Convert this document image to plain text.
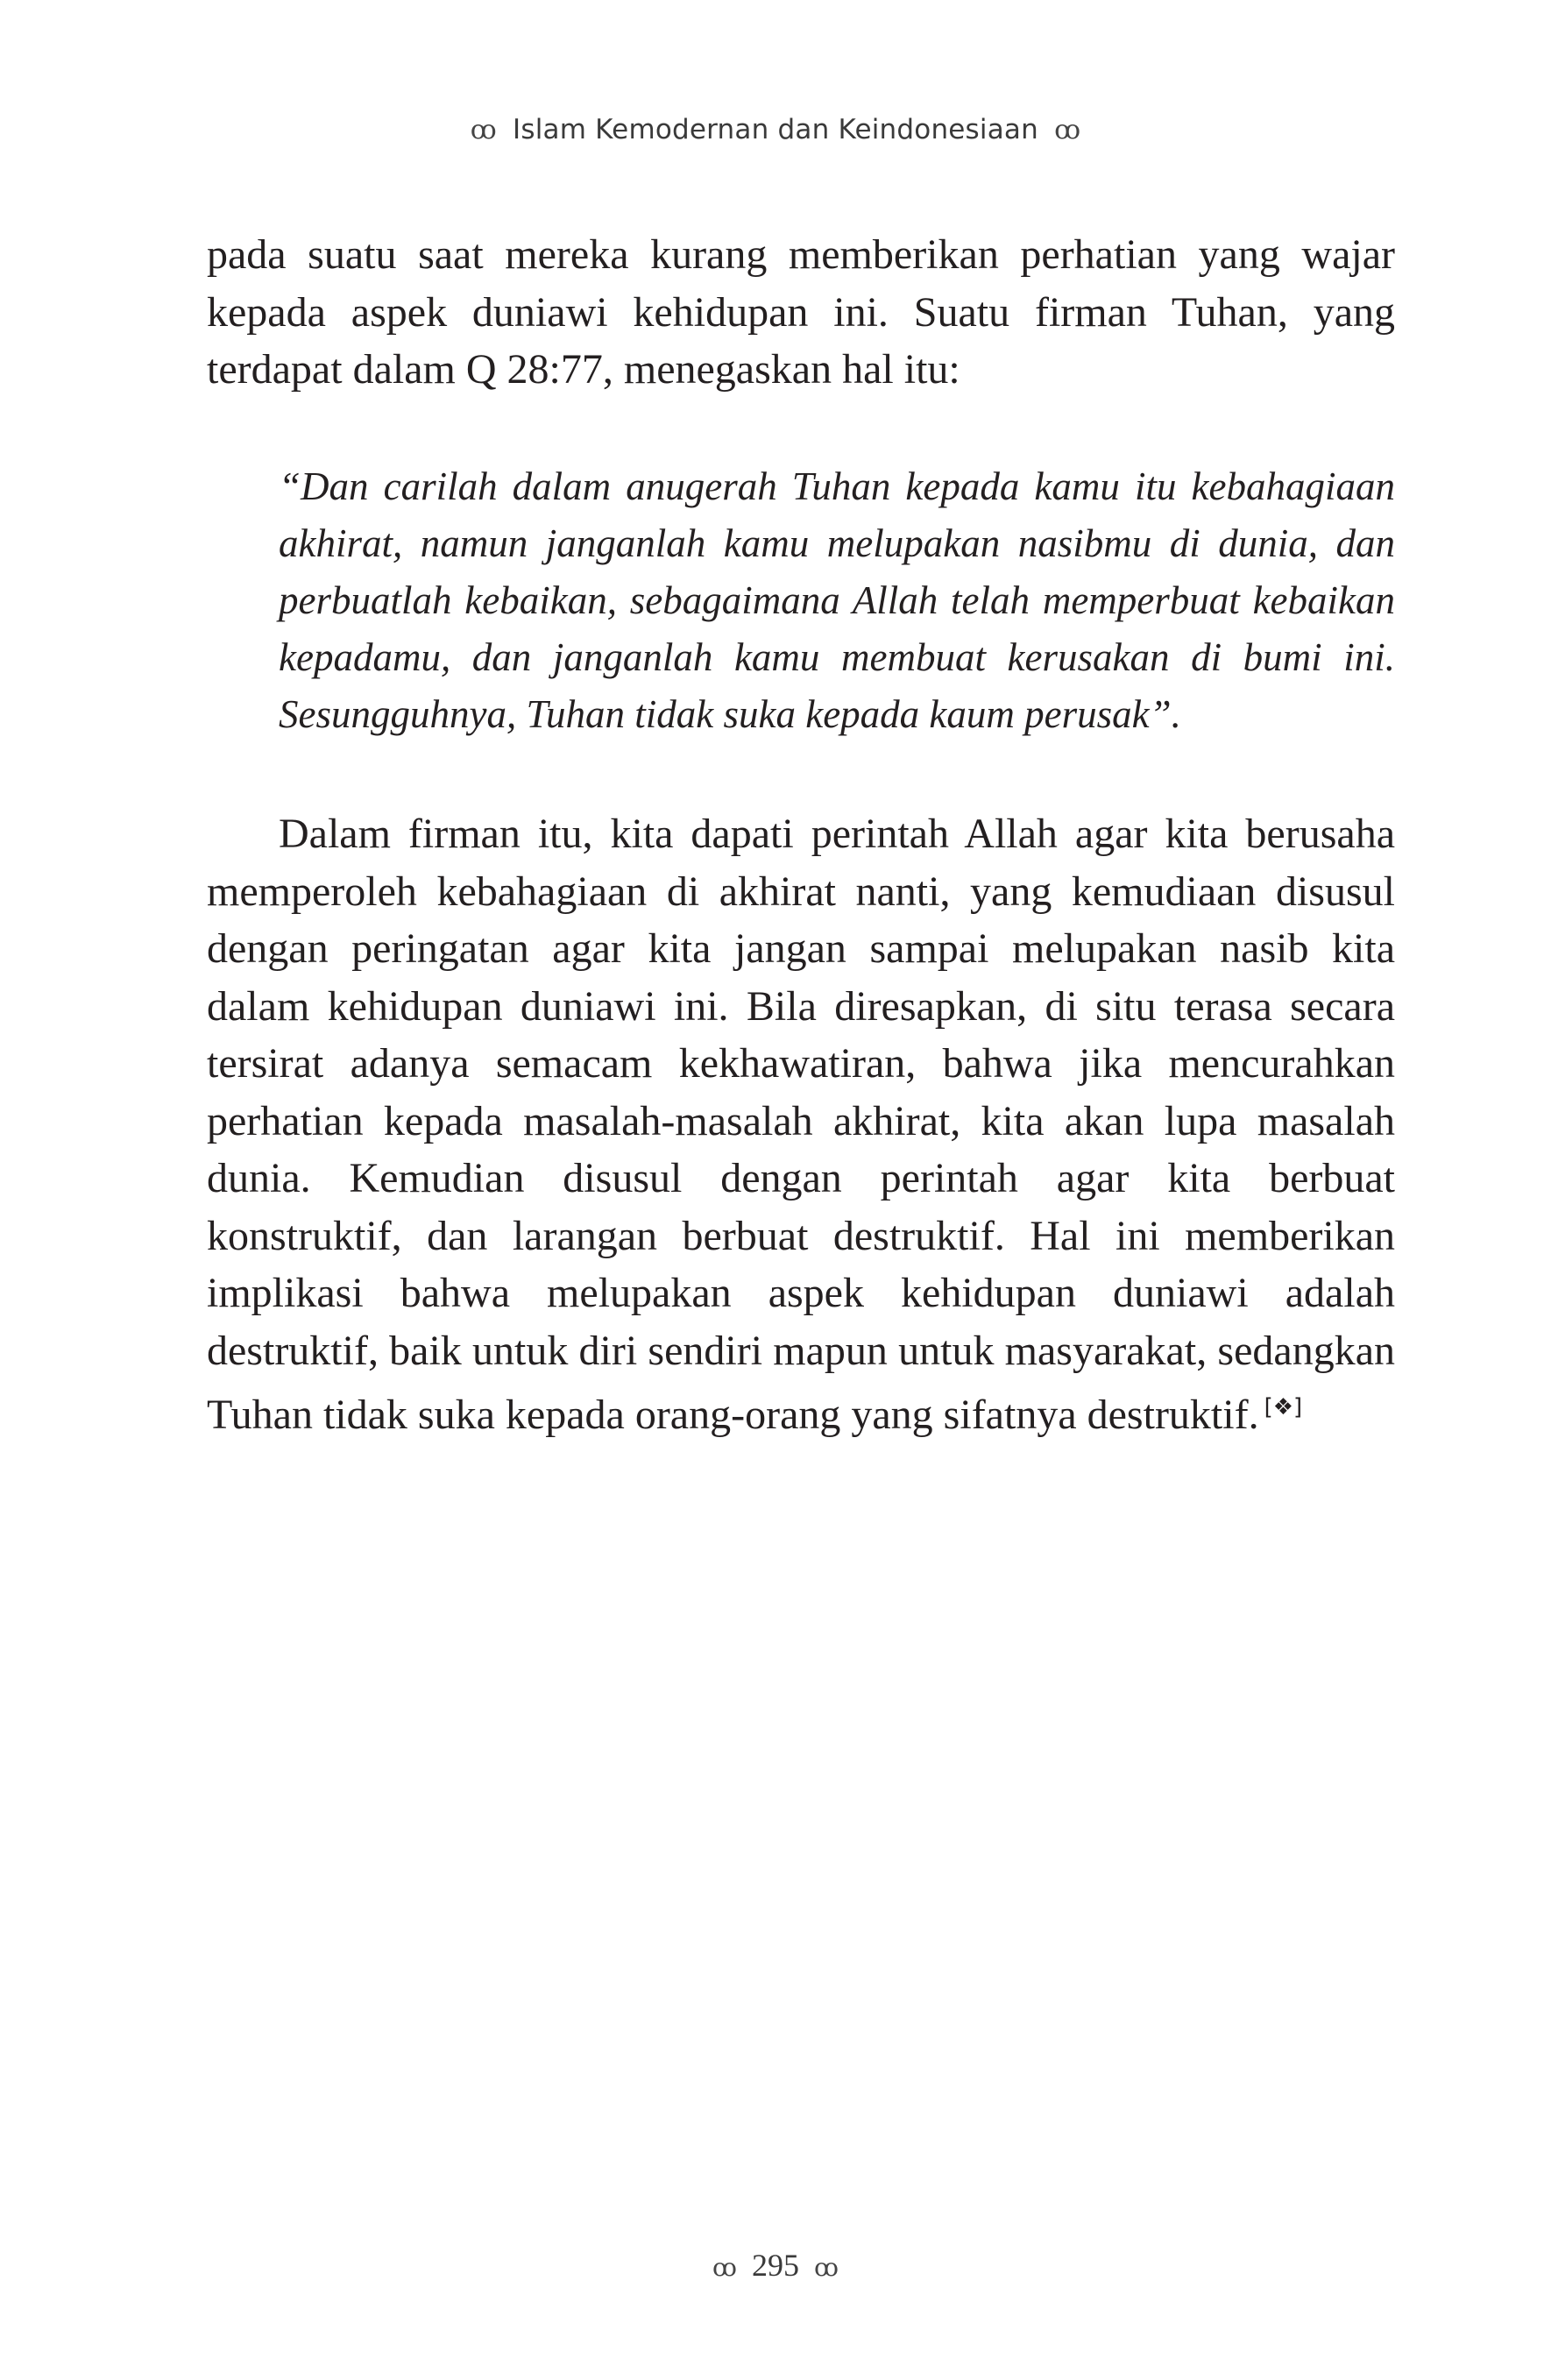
ꝏ Islam Kemodernan dan Keindonesiaan ꝏ

pada suatu saat mereka kurang memberikan perhatian yang wajar kepada aspek duniawi kehidupan ini. Suatu firman Tuhan, yang terdapat dalam Q 28:77, menegaskan hal itu:

“Dan carilah dalam anugerah Tuhan kepada kamu itu kebahagiaan akhirat, namun janganlah kamu melupakan nasibmu di dunia, dan perbuatlah kebaikan, sebagaimana Allah telah memperbuat kebaikan kepadamu, dan janganlah kamu membuat kerusakan di bumi ini. Sesungguhnya, Tuhan tidak suka kepada kaum perusak”.

Dalam firman itu, kita dapati perintah Allah agar kita berusaha memperoleh kebahagiaan di akhirat nanti, yang kemudiaan disusul dengan peringatan agar kita jangan sampai melupakan nasib kita dalam kehidupan duniawi ini. Bila diresapkan, di situ terasa secara tersirat adanya semacam kekhawatiran, bahwa jika mencurahkan perhatian kepada masalah-masalah akhirat, kita akan lupa masalah dunia. Kemudian disusul dengan perintah agar kita berbuat konstruktif, dan larangan berbuat destruktif. Hal ini memberikan implikasi bahwa melupakan aspek kehidupan duniawi adalah destruktif, baik untuk diri sendiri mapun untuk masyarakat, sedangkan Tuhan tidak suka kepada orang-orang yang sifatnya destruktif. [❖]

ꝏ 295 ꝏ
